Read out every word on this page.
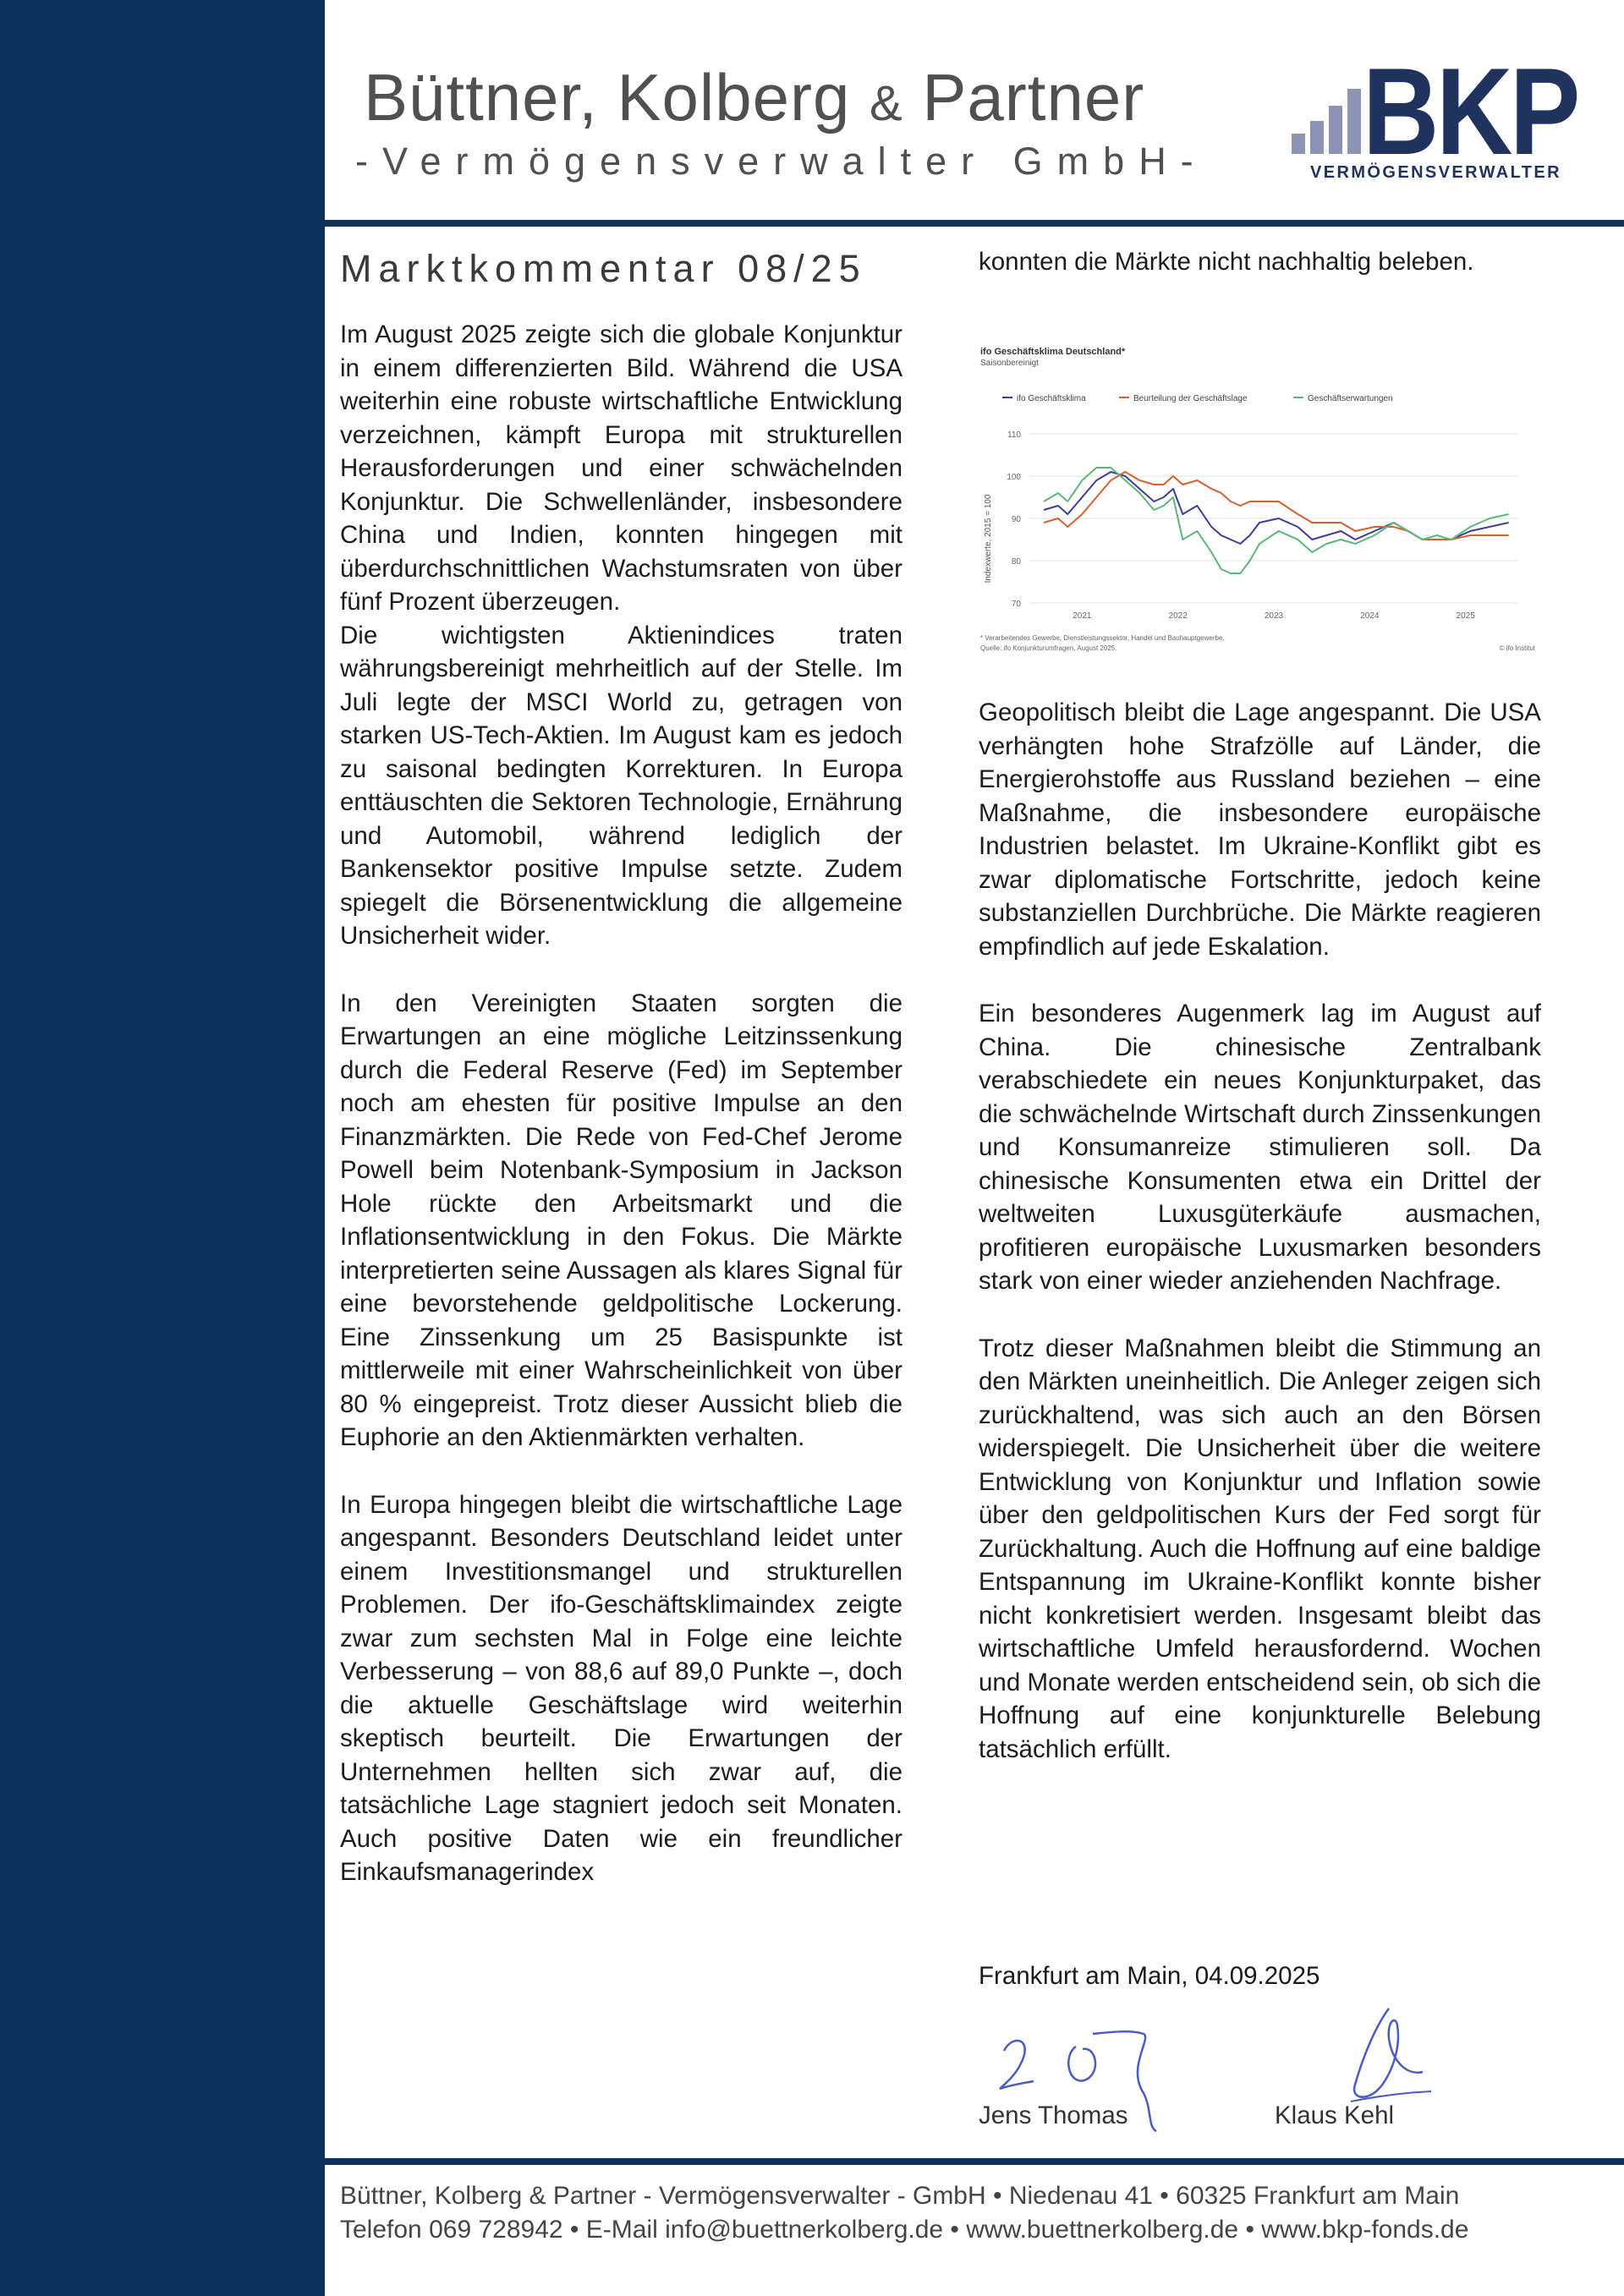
Büttner, Kolberg & Partner
-Vermögensverwalter GmbH- BKP
VERMÖGENSVERWALTER
Marktkommentar 08/25

Im August 2025 zeigte sich die globale Konjunktur in einem differenzierten Bild. Während die USA weiterhin eine robuste wirtschaftliche Entwicklung verzeichnen, kämpft Europa mit strukturellen Herausforderungen und einer schwächelnden Konjunktur. Die Schwellenländer, insbesondere China und Indien, konnten hingegen mit überdurchschnittlichen Wachstumsraten von über fünf Prozent überzeugen.

Die wichtigsten Aktienindices traten währungsbereinigt mehrheitlich auf der Stelle. Im Juli legte der MSCI World zu, getragen von starken US-Tech-Aktien. Im August kam es jedoch zu saisonal bedingten Korrekturen. In Europa enttäuschten die Sektoren Technologie, Ernährung und Automobil, während lediglich der Bankensektor positive Impulse setzte. Zudem spiegelt die Börsenentwicklung die allgemeine Unsicherheit wider.

In den Vereinigten Staaten sorgten die Erwartungen an eine mögliche Leitzinssenkung durch die Federal Reserve (Fed) im September noch am ehesten für positive Impulse an den Finanzmärkten. Die Rede von Fed-Chef Jerome Powell beim Notenbank-Symposium in Jackson Hole rückte den Arbeitsmarkt und die Inflationsentwicklung in den Fokus. Die Märkte interpretierten seine Aussagen als klares Signal für eine bevorstehende geldpolitische Lockerung. Eine Zinssenkung um 25 Basispunkte ist mittlerweile mit einer Wahrscheinlichkeit von über 80 % eingepreist. Trotz dieser Aussicht blieb die Euphorie an den Aktienmärkten verhalten.

In Europa hingegen bleibt die wirtschaftliche Lage angespannt. Besonders Deutschland leidet unter einem Investitionsmangel und strukturellen Problemen. Der ifo-Geschäftsklimaindex zeigte zwar zum sechsten Mal in Folge eine leichte Verbesserung – von 88,6 auf 89,0 Punkte –, doch die aktuelle Geschäftslage wird weiterhin skeptisch beurteilt. Die Erwartungen der Unternehmen hellten sich zwar auf, die tatsächliche Lage stagniert jedoch seit Monaten. Auch positive Daten wie ein freundlicher Einkaufsmanagerindex

konnten die Märkte nicht nachhaltig beleben.

ifo Geschäftsklima Deutschland*
Saisonbereinigt
ifo Geschäftsklima	Beurteilung der Geschäftslage	Geschäftserwartungen
70
80
90
100
110
2021	2022	2023	2024	2025
Indexwerte, 2015 = 100
* Verarbeitendes Gewerbe, Dienstleistungssektor, Handel und Bauhauptgewerbe.
Quelle: ifo Konjunkturumfragen, August 2025.	© ifo Institut

Geopolitisch bleibt die Lage angespannt. Die USA verhängten hohe Strafzölle auf Länder, die Energierohstoffe aus Russland beziehen – eine Maßnahme, die insbesondere europäische Industrien belastet. Im Ukraine-Konflikt gibt es zwar diplomatische Fortschritte, jedoch keine substanziellen Durchbrüche. Die Märkte reagieren empfindlich auf jede Eskalation.

Ein besonderes Augenmerk lag im August auf China. Die chinesische Zentralbank verabschiedete ein neues Konjunkturpaket, das die schwächelnde Wirtschaft durch Zinssenkungen und Konsumanreize stimulieren soll. Da chinesische Konsumenten etwa ein Drittel der weltweiten Luxusgüterkäufe ausmachen, profitieren europäische Luxusmarken besonders stark von einer wieder anziehenden Nachfrage.

Trotz dieser Maßnahmen bleibt die Stimmung an den Märkten uneinheitlich. Die Anleger zeigen sich zurückhaltend, was sich auch an den Börsen widerspiegelt. Die Unsicherheit über die weitere Entwicklung von Konjunktur und Inflation sowie über den geldpolitischen Kurs der Fed sorgt für Zurückhaltung. Auch die Hoffnung auf eine baldige Entspannung im Ukraine-Konflikt konnte bisher nicht konkretisiert werden. Insgesamt bleibt das wirtschaftliche Umfeld herausfordernd. Wochen und Monate werden entscheidend sein, ob sich die Hoffnung auf eine konjunkturelle Belebung tatsächlich erfüllt.

Frankfurt am Main, 04.09.2025
Jens Thomas	Klaus Kehl
Büttner, Kolberg & Partner - Vermögensverwalter - GmbH • Niedenau 41 • 60325 Frankfurt am Main
Telefon 069 728942 • E-Mail info@buettnerkolberg.de • www.buettnerkolberg.de • www.bkp-fonds.de
